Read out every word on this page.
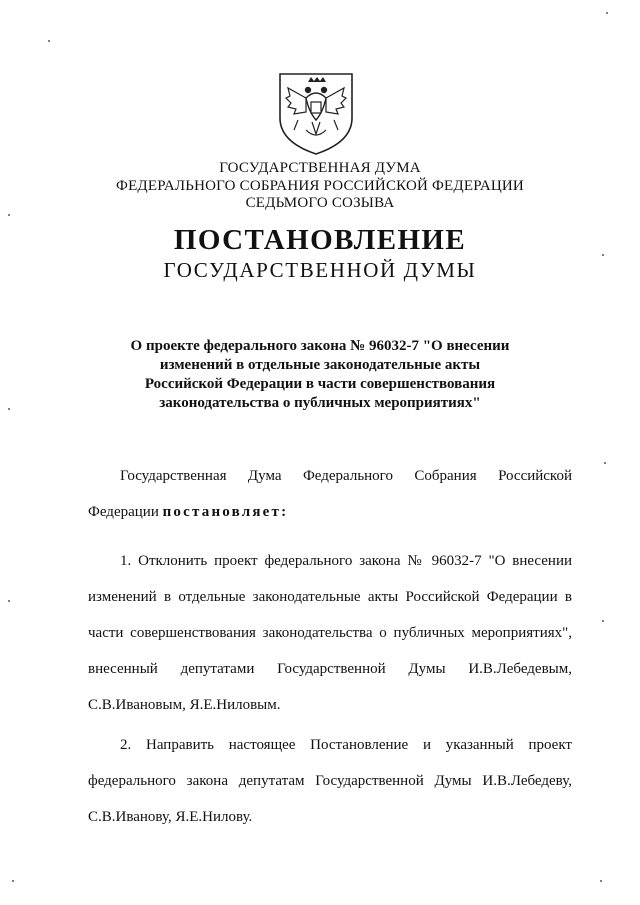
ГОСУДАРСТВЕННАЯ ДУМА
ФЕДЕРАЛЬНОГО СОБРАНИЯ РОССИЙСКОЙ ФЕДЕРАЦИИ
СЕДЬМОГО СОЗЫВА
ПОСТАНОВЛЕНИЕ
ГОСУДАРСТВЕННОЙ ДУМЫ
О проекте федерального закона № 96032-7 "О внесении изменений в отдельные законодательные акты Российской Федерации в части совершенствования законодательства о публичных мероприятиях"
Государственная Дума Федерального Собрания Российской Федерации постановляет:
1. Отклонить проект федерального закона № 96032-7 "О внесении изменений в отдельные законодательные акты Российской Федерации в части совершенствования законодательства о публичных мероприятиях", внесенный депутатами Государственной Думы И.В.Лебедевым, С.В.Ивановым, Я.Е.Ниловым.
2. Направить настоящее Постановление и указанный проект федерального закона депутатам Государственной Думы И.В.Лебедеву, С.В.Иванову, Я.Е.Нилову.
